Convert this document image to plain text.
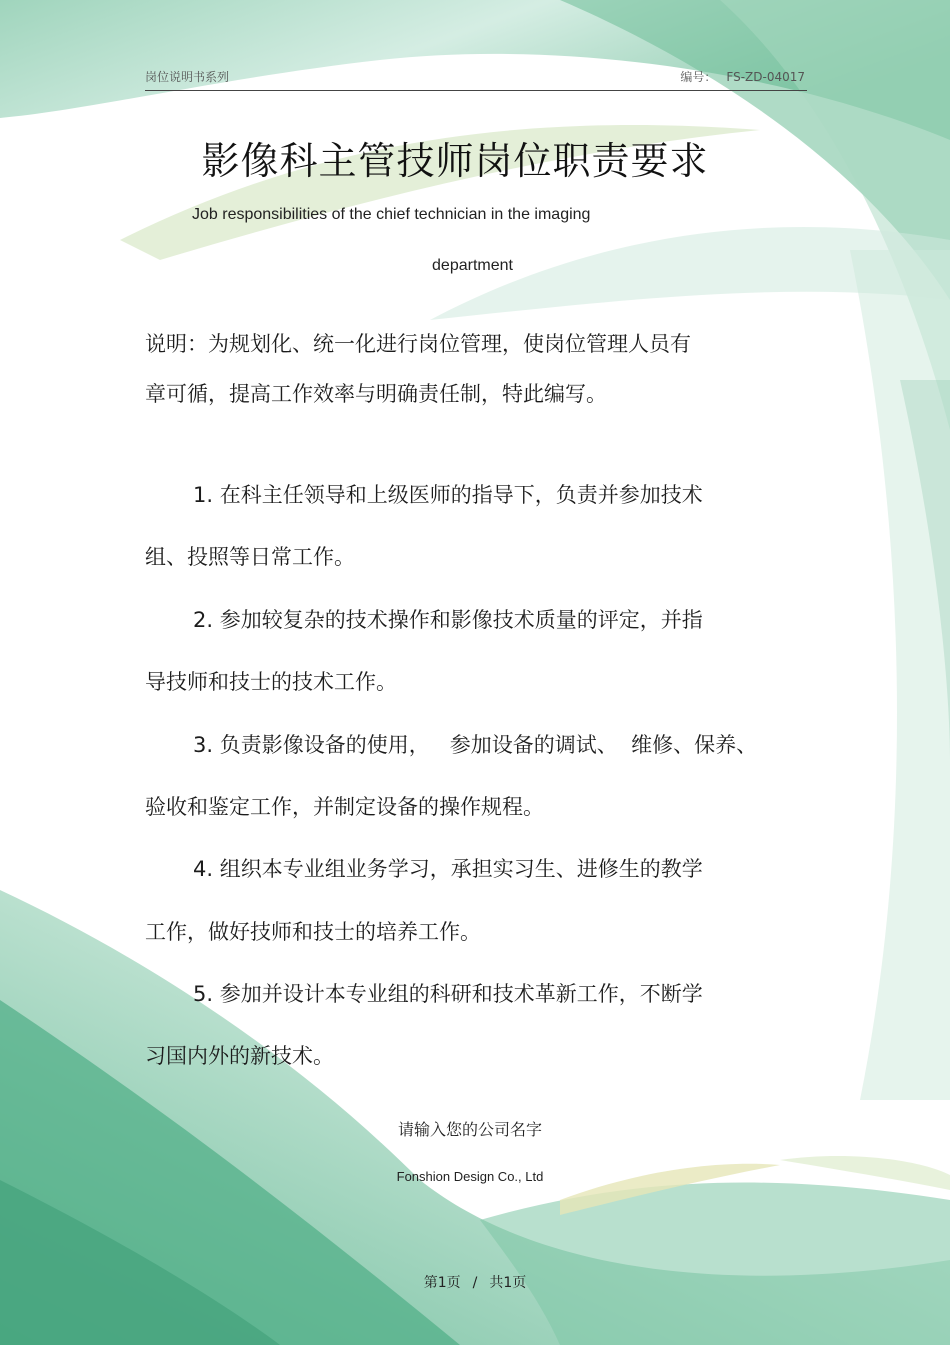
岗位说明书系列	编号： FS-ZD-04017
影像科主管技师岗位职责要求
Job responsibilities of the chief technician in the imaging
department
说明：为规划化、统一化进行岗位管理，使岗位管理人员有
章可循，提高工作效率与明确责任制，特此编写。
1. 在科主任领导和上级医师的指导下，负责并参加技术
组、投照等日常工作。
2. 参加较复杂的技术操作和影像技术质量的评定，并指
导技师和技士的技术工作。
3. 负责影像设备的使用，   参加设备的调试、  维修、保养、
验收和鉴定工作，并制定设备的操作规程。
4. 组织本专业组业务学习，承担实习生、进修生的教学
工作，做好技师和技士的培养工作。
5. 参加并设计本专业组的科研和技术革新工作，不断学
习国内外的新技术。
请输入您的公司名字
Fonshion Design Co., Ltd
第1页 / 共1页
